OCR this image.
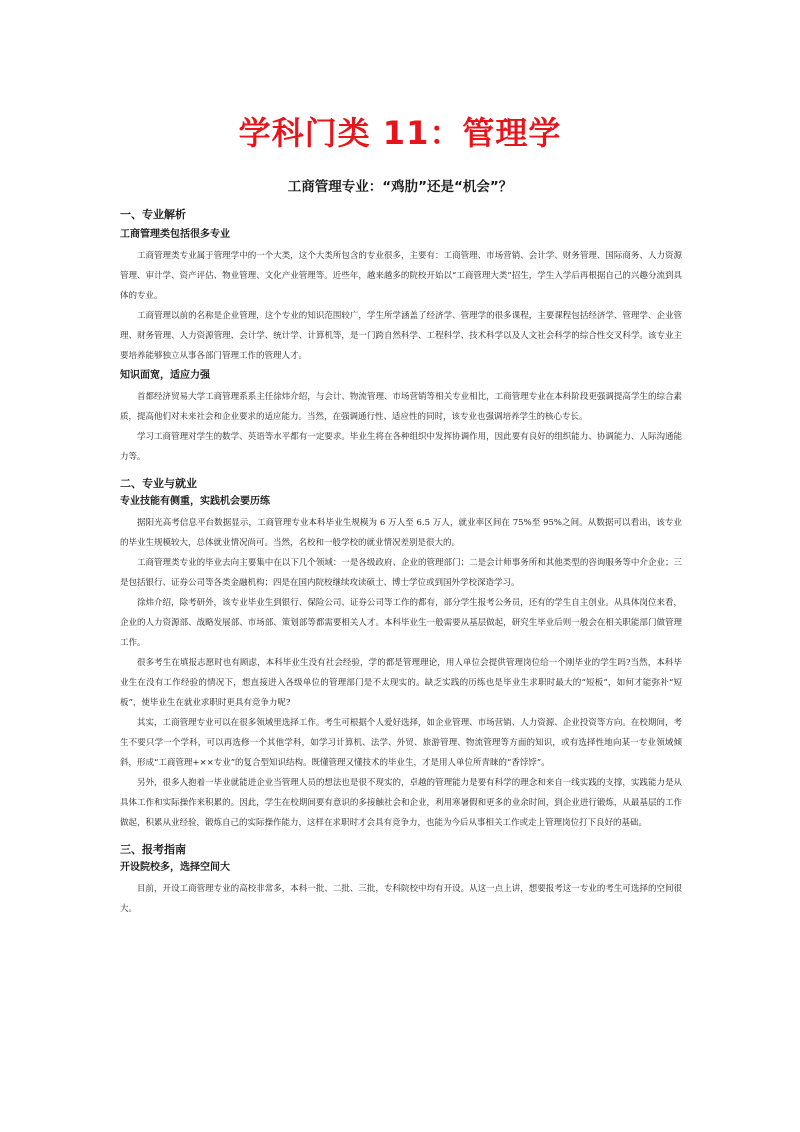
学科门类 11：管理学
工商管理专业：“鸡肋”还是“机会”？
一、专业解析
工商管理类包括很多专业

工商管理类专业属于管理学中的一个大类，这个大类所包含的专业很多，主要有：工商管理、市场营销、会计学、财务管理、国际商务、人力资源管理、审计学、资产评估、物业管理、文化产业管理等。近些年，越来越多的院校开始以“工商管理大类”招生，学生入学后再根据自己的兴趣分流到具体的专业。

工商管理以前的名称是企业管理，这个专业的知识范围较广，学生所学涵盖了经济学、管理学的很多课程，主要课程包括经济学、管理学、企业管理、财务管理、人力资源管理、会计学、统计学、计算机等，是一门跨自然科学、工程科学、技术科学以及人文社会科学的综合性交叉科学。该专业主要培养能够独立从事各部门管理工作的管理人才。

知识面宽，适应力强

首都经济贸易大学工商管理系系主任徐炜介绍，与会计、物流管理、市场营销等相关专业相比，工商管理专业在本科阶段更强调提高学生的综合素质，提高他们对未来社会和企业要求的适应能力。当然，在强调通行性、适应性的同时，该专业也强调培养学生的核心专长。

学习工商管理对学生的数学、英语等水平都有一定要求。毕业生将在各种组织中发挥协调作用，因此要有良好的组织能力、协调能力、人际沟通能力等。

二、专业与就业
专业技能有侧重，实践机会要历练

据阳光高考信息平台数据显示，工商管理专业本科毕业生规模为 6 万人至 6.5 万人，就业率区间在 75%至 95%之间。从数据可以看出，该专业的毕业生规模较大，总体就业情况尚可。当然，名校和一般学校的就业情况差别是很大的。

工商管理类专业的毕业去向主要集中在以下几个领域：一是各级政府、企业的管理部门；二是会计师事务所和其他类型的咨询服务等中介企业；三是包括银行、证券公司等各类金融机构；四是在国内院校继续攻读硕士、博士学位或到国外学校深造学习。

徐炜介绍，除考研外，该专业毕业生到银行、保险公司、证券公司等工作的都有，部分学生报考公务员，还有的学生自主创业。从具体岗位来看，企业的人力资源部、战略发展部、市场部、策划部等都需要相关人才。本科毕业生一般需要从基层做起，研究生毕业后则一般会在相关职能部门做管理工作。

很多考生在填报志愿时也有顾虑，本科毕业生没有社会经验，学的都是管理理论，用人单位会提供管理岗位给一个刚毕业的学生吗?当然，本科毕业生在没有工作经验的情况下，想直接进入各级单位的管理部门是不太现实的。缺乏实践的历练也是毕业生求职时最大的“短板”，如何才能弥补“短板”，使毕业生在就业求职时更具有竞争力呢?

其实，工商管理专业可以在很多领域里选择工作。考生可根据个人爱好选择，如企业管理、市场营销、人力资源、企业投资等方向。在校期间，考生不要只学一个学科，可以再选修一个其他学科，如学习计算机、法学、外贸、旅游管理、物流管理等方面的知识，或有选择性地向某一专业领域倾斜，形成“工商管理+××专业”的复合型知识结构。既懂管理又懂技术的毕业生，才是用人单位所青睐的“香饽饽”。

另外，很多人抱着一毕业就能进企业当管理人员的想法也是很不现实的，卓越的管理能力是要有科学的理念和来自一线实践的支撑，实践能力是从具体工作和实际操作来积累的。因此，学生在校期间要有意识的多接触社会和企业，利用寒暑假和更多的业余时间，到企业进行锻炼，从最基层的工作做起，积累从业经验，锻炼自己的实际操作能力，这样在求职时才会具有竞争力，也能为今后从事相关工作或走上管理岗位打下良好的基础。

三、报考指南
开设院校多，选择空间大

目前，开设工商管理专业的高校非常多，本科一批、二批、三批，专科院校中均有开设。从这一点上讲，想要报考这一专业的考生可选择的空间很大。
